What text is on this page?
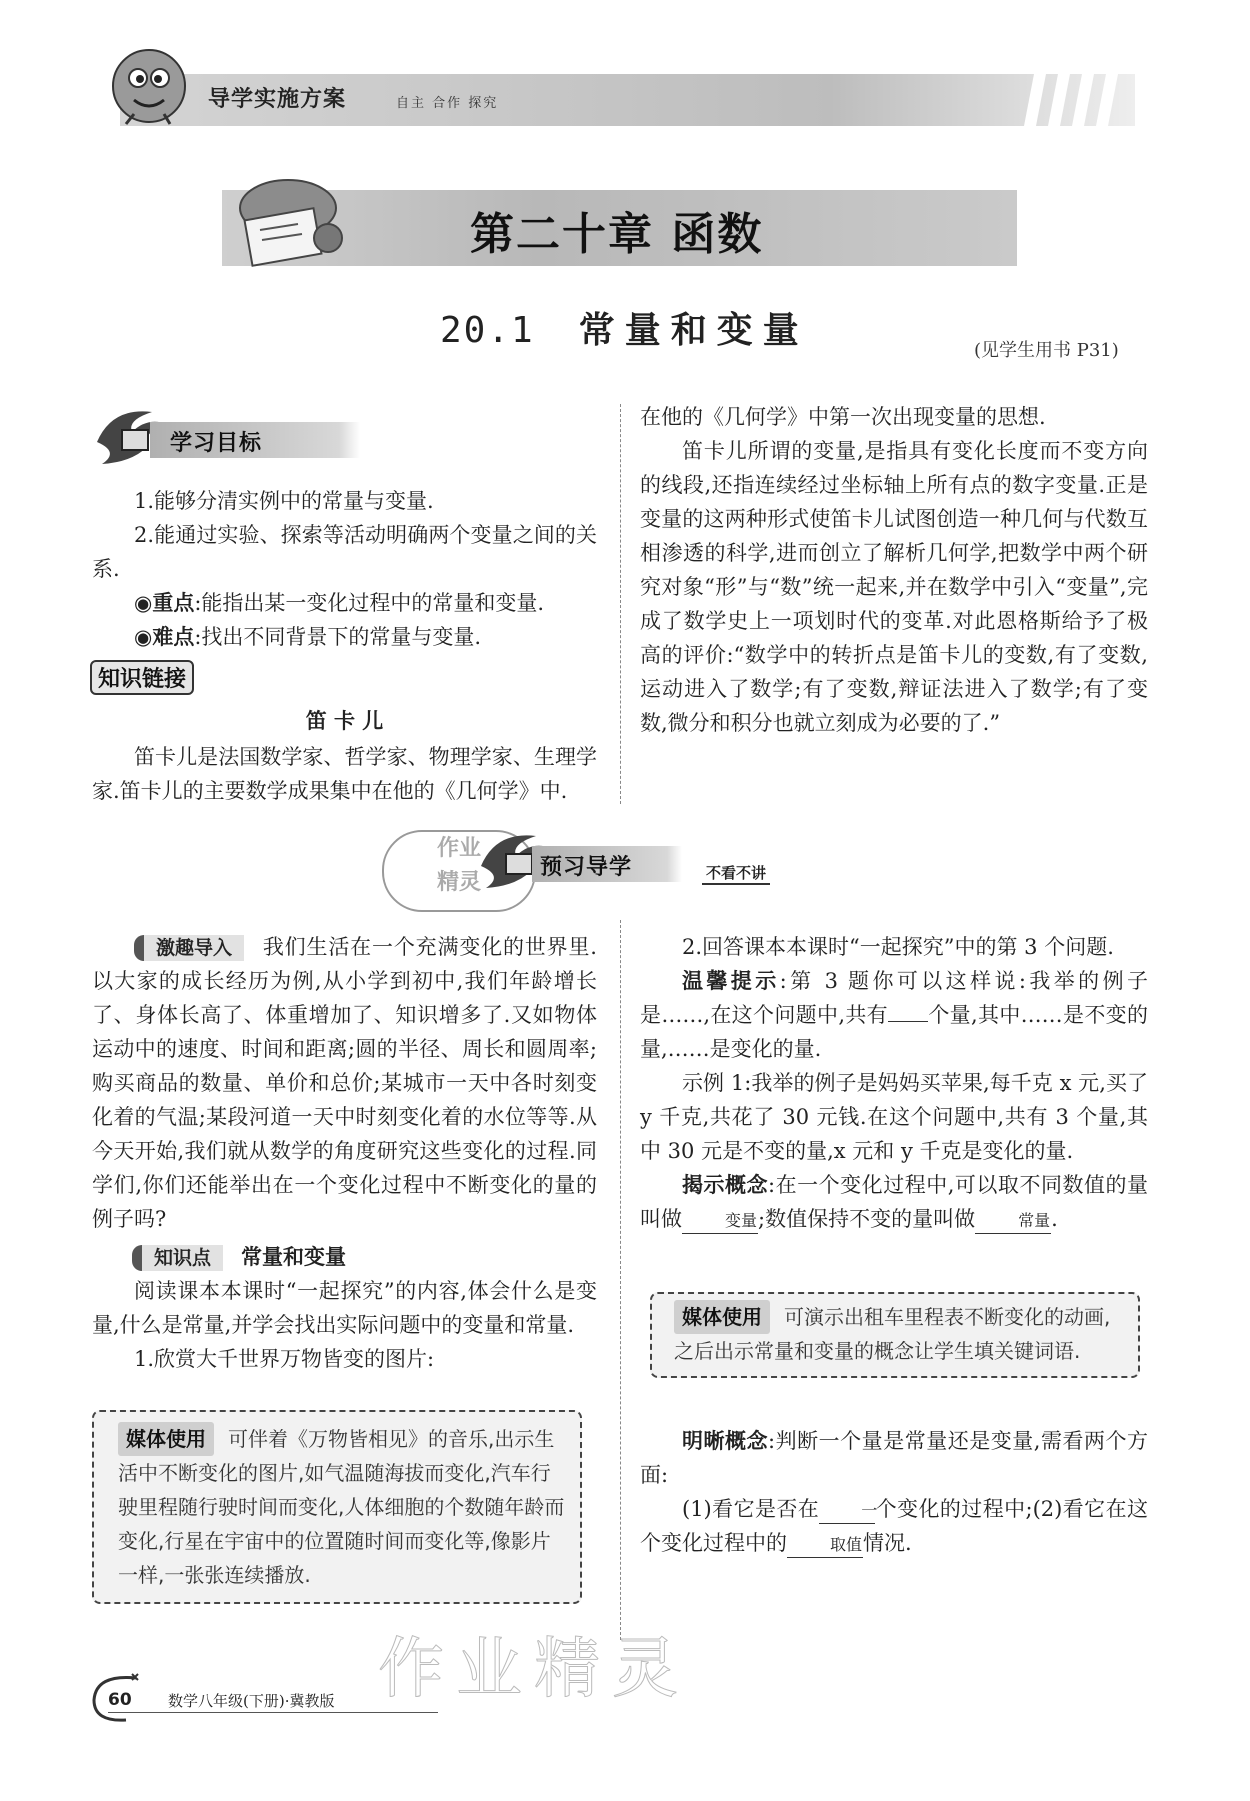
导学实施方案	自主 合作 探究
第二十章 函数
20.1 常量和变量	(见学生用书 P31)
学习目标

1.能够分清实例中的常量与变量.

2.能通过实验、探索等活动明确两个变量之间的关系.

◉重点:能指出某一变化过程中的常量和变量.

◉难点:找出不同背景下的常量与变量.

知识链接
笛 卡 儿

笛卡儿是法国数学家、哲学家、物理学家、生理学家.笛卡儿的主要数学成果集中在他的《几何学》中.

在他的《几何学》中第一次出现变量的思想.

笛卡儿所谓的变量,是指具有变化长度而不变方向的线段,还指连续经过坐标轴上所有点的数字变量.正是变量的这两种形式使笛卡儿试图创造一种几何与代数互相渗透的科学,进而创立了解析几何学,把数学中两个研究对象“形”与“数”统一起来,并在数学中引入“变量”,完成了数学史上一项划时代的变革.对此恩格斯给予了极高的评价:“数学中的转折点是笛卡儿的变数,有了变数,运动进入了数学;有了变数,辩证法进入了数学;有了变数,微分和积分也就立刻成为必要的了.”

作业
精灵
预习导学	不看不讲

激趣导入 我们生活在一个充满变化的世界里.以大家的成长经历为例,从小学到初中,我们年龄增长了、身体长高了、体重增加了、知识增多了.又如物体运动中的速度、时间和距离;圆的半径、周长和圆周率;购买商品的数量、单价和总价;某城市一天中各时刻变化着的气温;某段河道一天中时刻变化着的水位等等.从今天开始,我们就从数学的角度研究这些变化的过程.同学们,你们还能举出在一个变化过程中不断变化的量的例子吗?

知识点 常量和变量

阅读课本本课时“一起探究”的内容,体会什么是变量,什么是常量,并学会找出实际问题中的变量和常量.

1.欣赏大千世界万物皆变的图片:

媒体使用 可伴着《万物皆相见》的音乐,出示生活中不断变化的图片,如气温随海拔而变化,汽车行驶里程随行驶时间而变化,人体细胞的个数随年龄而变化,行星在宇宙中的位置随时间而变化等,像影片一样,一张张连续播放.

2.回答课本本课时“一起探究”中的第 3 个问题.

温馨提示:第 3 题你可以这样说:我举的例子是……,在这个问题中,共有 个量,其中……是不变的量,……是变化的量.

示例 1:我举的例子是妈妈买苹果,每千克 x 元,买了 y 千克,共花了 30 元钱.在这个问题中,共有 3 个量,其中 30 元是不变的量,x 元和 y 千克是变化的量.

揭示概念:在一个变化过程中,可以取不同数值的量叫做	变量;数值保持不变的量叫做	常量.

媒体使用 可演示出租车里程表不断变化的动画,之后出示常量和变量的概念让学生填关键词语.

明晰概念:判断一个量是常量还是变量,需看两个方面:

(1)看它是否在	一个变化的过程中;(2)看它在这个变化过程中的	取值情况.

作业精灵
60 数学八年级(下册)·冀教版
